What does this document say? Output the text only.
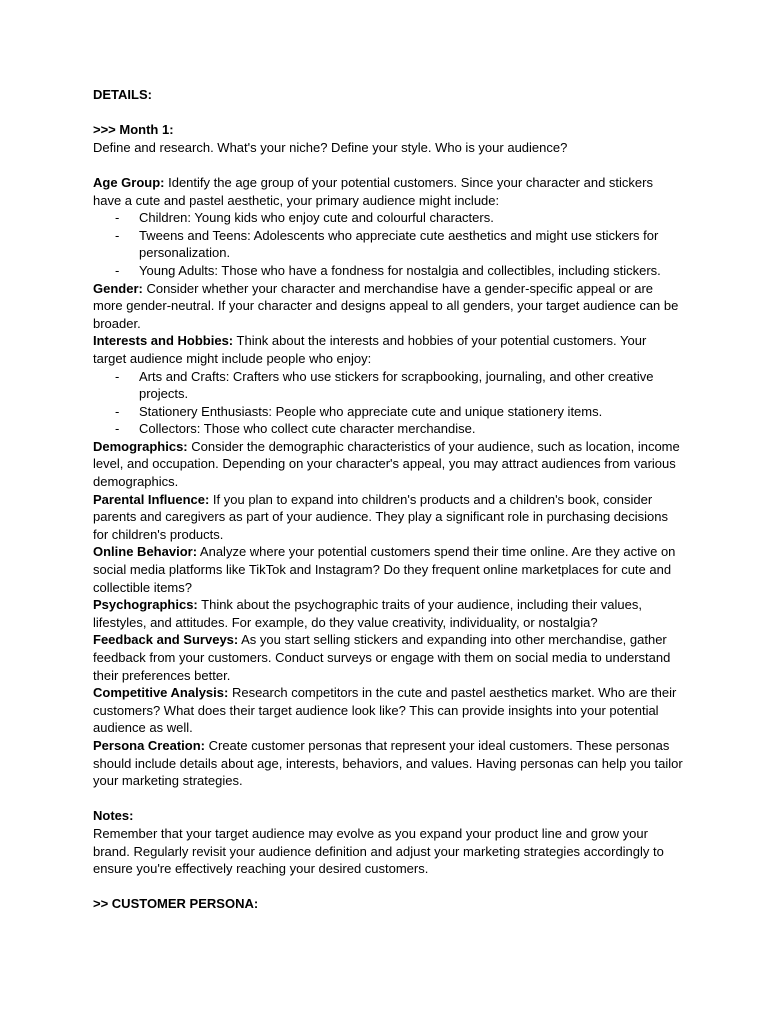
DETAILS:

>>> Month 1:

Define and research. What's your niche? Define your style. Who is your audience?

Age Group: Identify the age group of your potential customers. Since your character and stickers have a cute and pastel aesthetic, your primary audience might include:

- Children: Young kids who enjoy cute and colourful characters.
- Tweens and Teens: Adolescents who appreciate cute aesthetics and might use stickers for personalization.
- Young Adults: Those who have a fondness for nostalgia and collectibles, including stickers.

Gender: Consider whether your character and merchandise have a gender-specific appeal or are more gender-neutral. If your character and designs appeal to all genders, your target audience can be broader.

Interests and Hobbies: Think about the interests and hobbies of your potential customers. Your target audience might include people who enjoy:

- Arts and Crafts: Crafters who use stickers for scrapbooking, journaling, and other creative projects.
- Stationery Enthusiasts: People who appreciate cute and unique stationery items.
- Collectors: Those who collect cute character merchandise.

Demographics: Consider the demographic characteristics of your audience, such as location, income level, and occupation. Depending on your character's appeal, you may attract audiences from various demographics.

Parental Influence: If you plan to expand into children's products and a children's book, consider parents and caregivers as part of your audience. They play a significant role in purchasing decisions for children's products.

Online Behavior: Analyze where your potential customers spend their time online. Are they active on social media platforms like TikTok and Instagram? Do they frequent online marketplaces for cute and collectible items?

Psychographics: Think about the psychographic traits of your audience, including their values, lifestyles, and attitudes. For example, do they value creativity, individuality, or nostalgia?

Feedback and Surveys: As you start selling stickers and expanding into other merchandise, gather feedback from your customers. Conduct surveys or engage with them on social media to understand their preferences better.

Competitive Analysis: Research competitors in the cute and pastel aesthetics market. Who are their customers? What does their target audience look like? This can provide insights into your potential audience as well.

Persona Creation: Create customer personas that represent your ideal customers. These personas should include details about age, interests, behaviors, and values. Having personas can help you tailor your marketing strategies.

Notes:

Remember that your target audience may evolve as you expand your product line and grow your brand. Regularly revisit your audience definition and adjust your marketing strategies accordingly to ensure you're effectively reaching your desired customers.

>> CUSTOMER PERSONA:
